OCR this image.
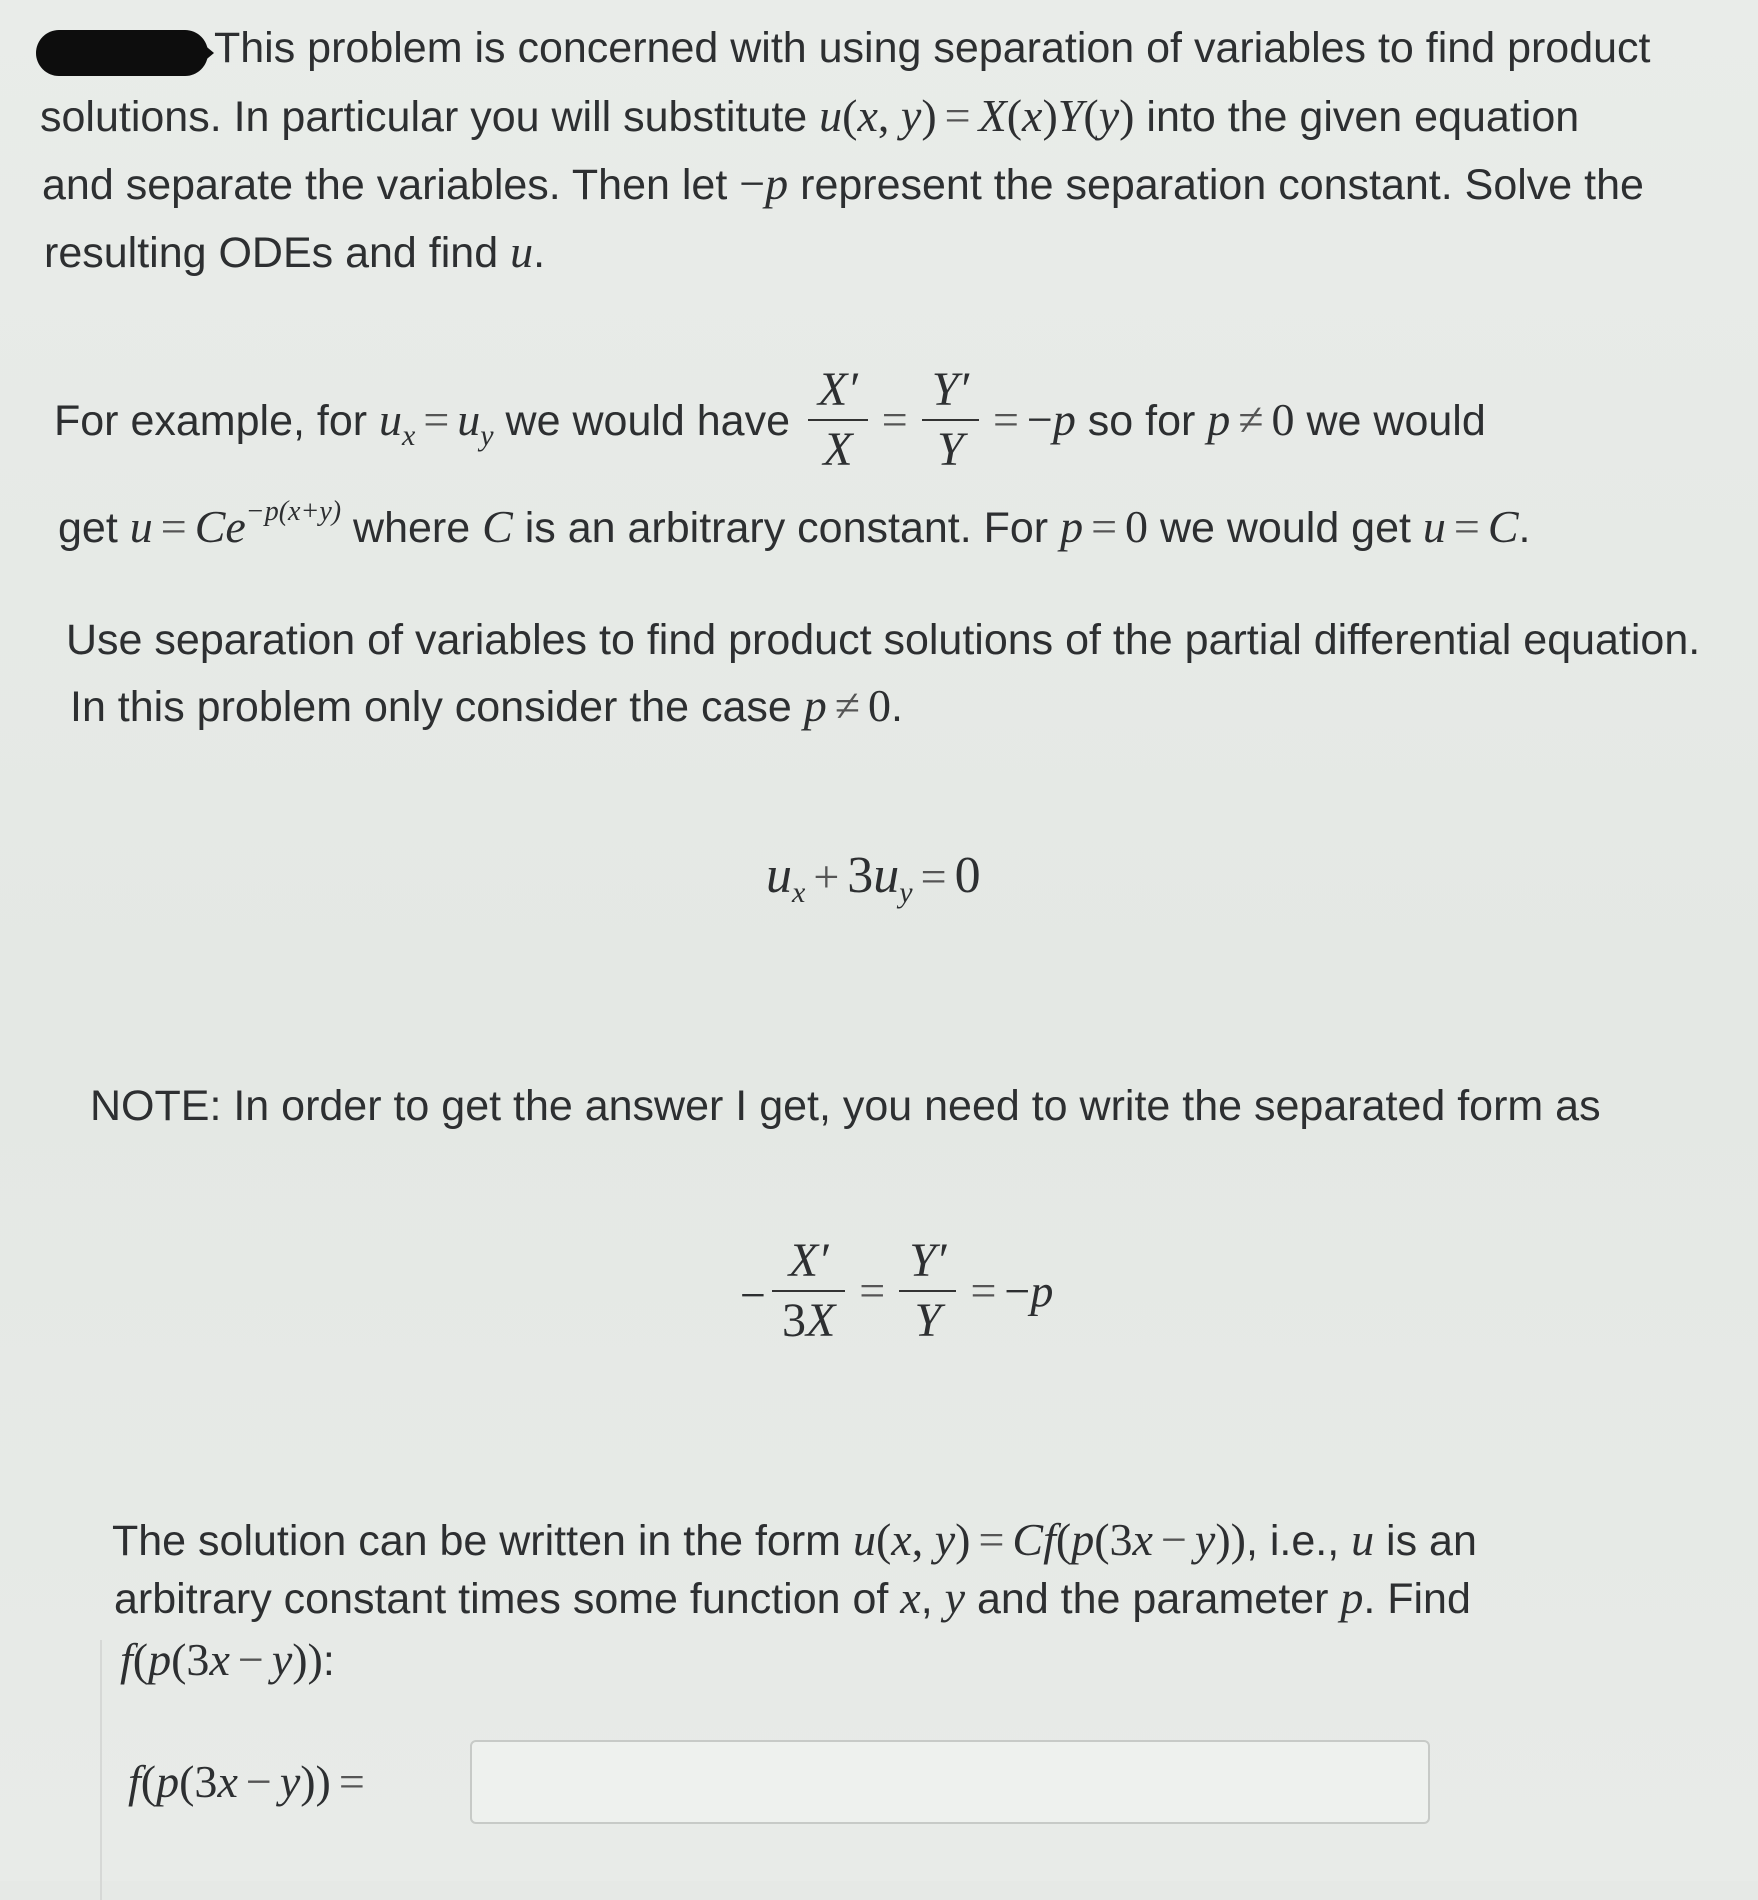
This problem is concerned with using separation of variables to find product
solutions. In particular you will substitute u(x, y) = X(x)Y(y) into the given equation
and separate the variables. Then let −p represent the separation constant. Solve the
resulting ODEs and find u.
For example, for $u_x = u_y$ we would have $\frac{X'}{X} = \frac{Y'}{Y} = -p$ so for p ≠ 0 we would
get $u = Ce^{-p(x+y)}$ where C is an arbitrary constant. For p = 0 we would get u = C.
Use separation of variables to find product solutions of the partial differential equation.
In this problem only consider the case p ≠ 0.
$u_x + 3u_y = 0$
NOTE: In order to get the answer I get, you need to write the separated form as
− $\frac{X'}{3X} = \frac{Y'}{Y} = -p$
The solution can be written in the form u(x, y) = Cf(p(3x − y)), i.e., u is an
arbitrary constant times some function of x, y and the parameter p. Find
f(p(3x − y)):
f(p(3x − y)) =
